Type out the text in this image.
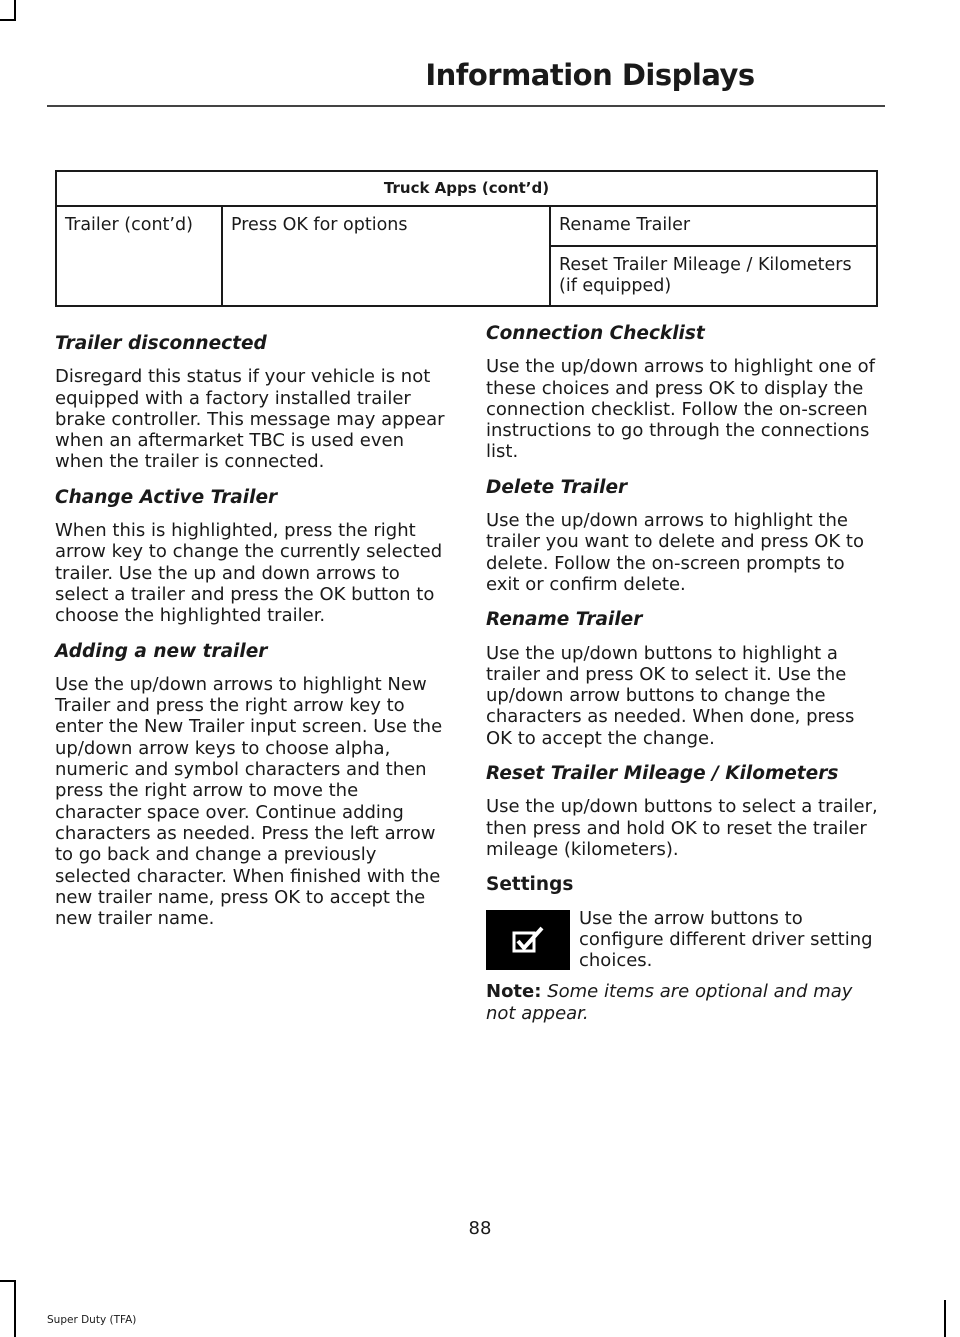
Information Displays
Truck Apps (cont’d)
Trailer (cont’d)	Press OK for options	Rename Trailer
Reset Trailer Mileage / Kilometers (if equipped)
Trailer disconnected

Disregard this status if your vehicle is not equipped with a factory installed trailer brake controller. This message may appear when an aftermarket TBC is used even when the trailer is connected.

Change Active Trailer

When this is highlighted, press the right arrow key to change the currently selected trailer. Use the up and down arrows to select a trailer and press the OK button to choose the highlighted trailer.

Adding a new trailer

Use the up/down arrows to highlight New Trailer and press the right arrow key to enter the New Trailer input screen. Use the up/down arrow keys to choose alpha, numeric and symbol characters and then press the right arrow to move the character space over. Continue adding characters as needed. Press the left arrow to go back and change a previously selected character. When finished with the new trailer name, press OK to accept the new trailer name.

Connection Checklist

Use the up/down arrows to highlight one of these choices and press OK to display the connection checklist. Follow the on-screen instructions to go through the connections list.

Delete Trailer

Use the up/down arrows to highlight the trailer you want to delete and press OK to delete. Follow the on-screen prompts to exit or confirm delete.

Rename Trailer

Use the up/down buttons to highlight a trailer and press OK to select it. Use the up/down arrow buttons to change the characters as needed. When done, press OK to accept the change.

Reset Trailer Mileage / Kilometers

Use the up/down buttons to select a trailer, then press and hold OK to reset the trailer mileage (kilometers).

Settings

Use the arrow buttons to configure different driver setting choices.

Note: Some items are optional and may not appear.

88
Super Duty (TFA)
